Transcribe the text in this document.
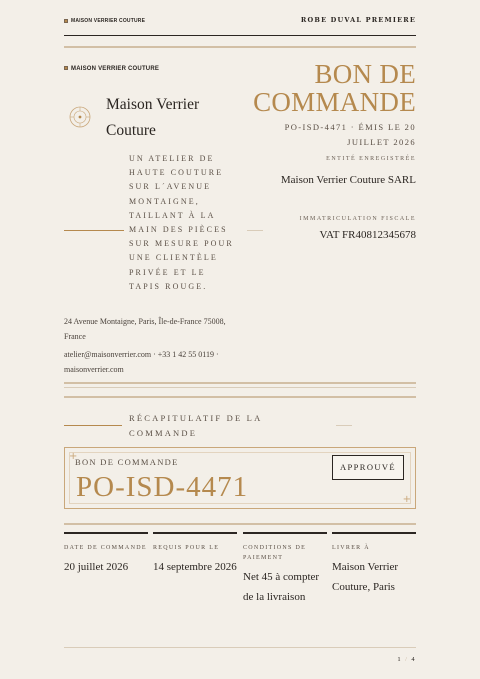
MAISON VERRIER COUTURE	ROBE DUVAL PREMIERE
MAISON VERRIER COUTURE
Maison Verrier Couture
UN ATELIER DE HAUTE COUTURE SUR L´AVENUE MONTAIGNE, TAILLANT À LA MAIN DES PIÈCES SUR MESURE POUR UNE CLIENTÈLE PRIVÉE ET LE TAPIS ROUGE.
24 Avenue Montaigne, Paris, Île-de-France 75008, France
atelier@maisonverrier.com · +33 1 42 55 0119 · maisonverrier.com
BON DE
COMMANDE
PO-ISD-4471 · ÉMIS LE 20 JUILLET 2026
ENTITÉ ENREGISTRÉE
Maison Verrier Couture SARL
IMMATRICULATION FISCALE
VAT FR40812345678
RÉCAPITULATIF DE LA COMMANDE
+
+
BON DE COMMANDE
PO-ISD-4471
APPROUVÉ
DATE DE COMMANDE
20 juillet 2026
REQUIS POUR LE
14 septembre 2026
CONDITIONS DE PAIEMENT
Net 45 à compter de la livraison
LIVRER À
Maison Verrier Couture, Paris
1 / 4
